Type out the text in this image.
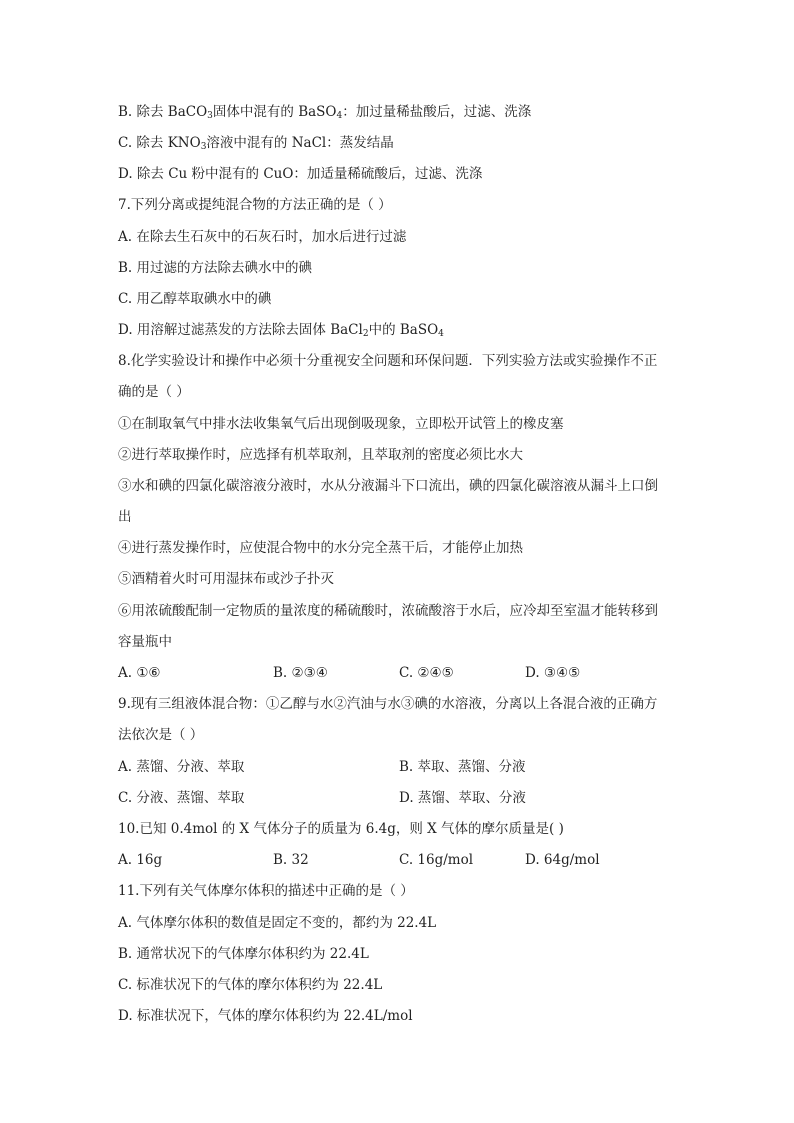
B. 除去 BaCO$_3$固体中混有的 BaSO$_4$：加过量稀盐酸后，过滤、洗涤
C. 除去 $KNO_3$溶液中混有的 NaCl：蒸发结晶
D. 除去 Cu 粉中混有的 CuO：加适量稀硫酸后，过滤、洗涤
7.下列分离或提纯混合物的方法正确的是（ ）
A. 在除去生石灰中的石灰石时，加水后进行过滤
B. 用过滤的方法除去碘水中的碘
C. 用乙醇萃取碘水中的碘
D. 用溶解过滤蒸发的方法除去固体 BaCl$_2$中的 BaSO$_4$
8.化学实验设计和操作中必须十分重视安全问题和环保问题．下列实验方法或实验操作不正
确的是（ ）
①在制取氧气中排水法收集氧气后出现倒吸现象，立即松开试管上的橡皮塞
②进行萃取操作时，应选择有机萃取剂，且萃取剂的密度必须比水大
③水和碘的四氯化碳溶液分液时，水从分液漏斗下口流出，碘的四氯化碳溶液从漏斗上口倒
出
④进行蒸发操作时，应使混合物中的水分完全蒸干后，才能停止加热
⑤酒精着火时可用湿抹布或沙子扑灭
⑥用浓硫酸配制一定物质的量浓度的稀硫酸时，浓硫酸溶于水后，应冷却至室温才能转移到
容量瓶中
A. ①⑥	B. ②③④	C. ②④⑤	D. ③④⑤
9.现有三组液体混合物：①乙醇与水②汽油与水③碘的水溶液，分离以上各混合液的正确方
法依次是（ ）
A. 蒸馏、分液、萃取	B. 萃取、蒸馏、分液
C. 分液、蒸馏、萃取	D. 蒸馏、萃取、分液
10.已知 0.4mol 的 X 气体分子的质量为 6.4g，则 X 气体的摩尔质量是( )
A. 16g	B. 32	C. 16g/mol	D. 64g/mol
11.下列有关气体摩尔体积的描述中正确的是（ ）
A. 气体摩尔体积的数值是固定不变的，都约为 22.4L
B. 通常状况下的气体摩尔体积约为 22.4L
C. 标准状况下的气体的摩尔体积约为 22.4L
D. 标准状况下，气体的摩尔体积约为 22.4L/mol
